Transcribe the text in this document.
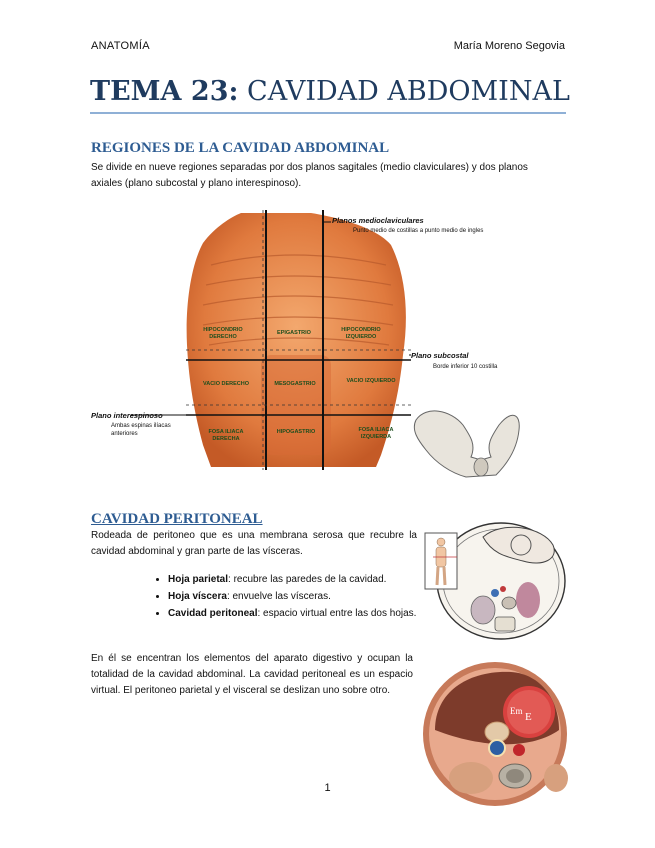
ANATOMÍA	María Moreno Segovia
TEMA 23: CAVIDAD ABDOMINAL
REGIONES DE LA CAVIDAD ABDOMINAL
Se divide en nueve regiones separadas por dos planos sagitales (medio claviculares) y dos planos axiales (plano subcostal y plano interespinoso).
HIPOCONDRIO
DERECHO
EPIGASTRIO	HIPOCONDRIO
IZQUIERDO
VACIO DERECHO	MESOGASTRIO	VACIO IZQUIERDO
FOSA ILIACA
DERECHA
HIPOGASTRIO	FOSA ILIACA
IZQUIERDA
Planos medioclaviculares
Punto medio de costillas a punto medio de ingles
Plano subcostal
Borde inferior 10 costilla
Plano interespinoso
Ambas espinas ilíacas
anteriores
CAVIDAD PERITONEAL
Rodeada de peritoneo que es una membrana serosa que recubre la cavidad abdominal y gran parte de las vísceras.
• Hoja parietal: recubre las paredes de la cavidad.
• Hoja víscera: envuelve las vísceras.
• Cavidad peritoneal: espacio virtual entre las dos hojas.
En él se encentran los elementos del aparato digestivo y ocupan la totalidad de la cavidad abdominal. La cavidad peritoneal es un espacio virtual. El peritoneo parietal y el visceral se deslizan uno sobre otro.
Em E
1
